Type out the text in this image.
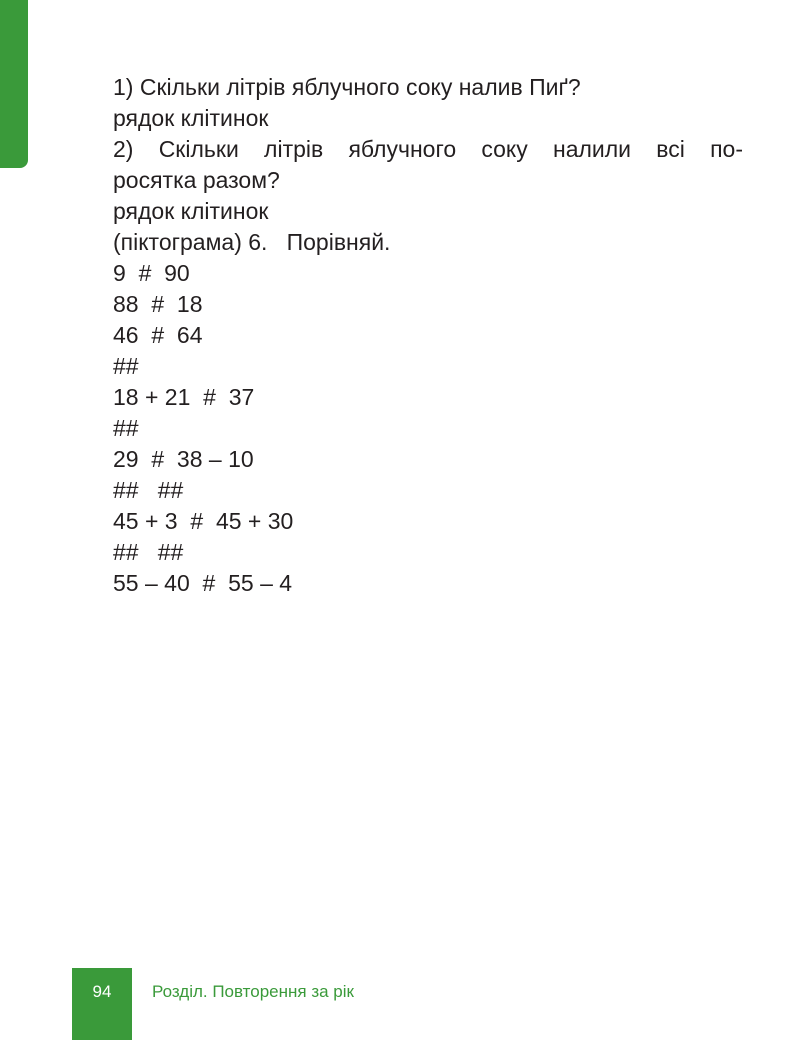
1) Скільки літрів яблучного соку налив Пиґ?

рядок клітинок

2) Скільки літрів яблучного соку налили всі по-

росятка разом?

рядок клітинок

(піктограма) 6.   Порівняй.

9  #  90

88  #  18

46  #  64

##

18 + 21  #  37

##

29  #  38 – 10

##   ##

45 + 3  #  45 + 30

##   ##

55 – 40  #  55 – 4

94	Розділ. Повторення за рік
